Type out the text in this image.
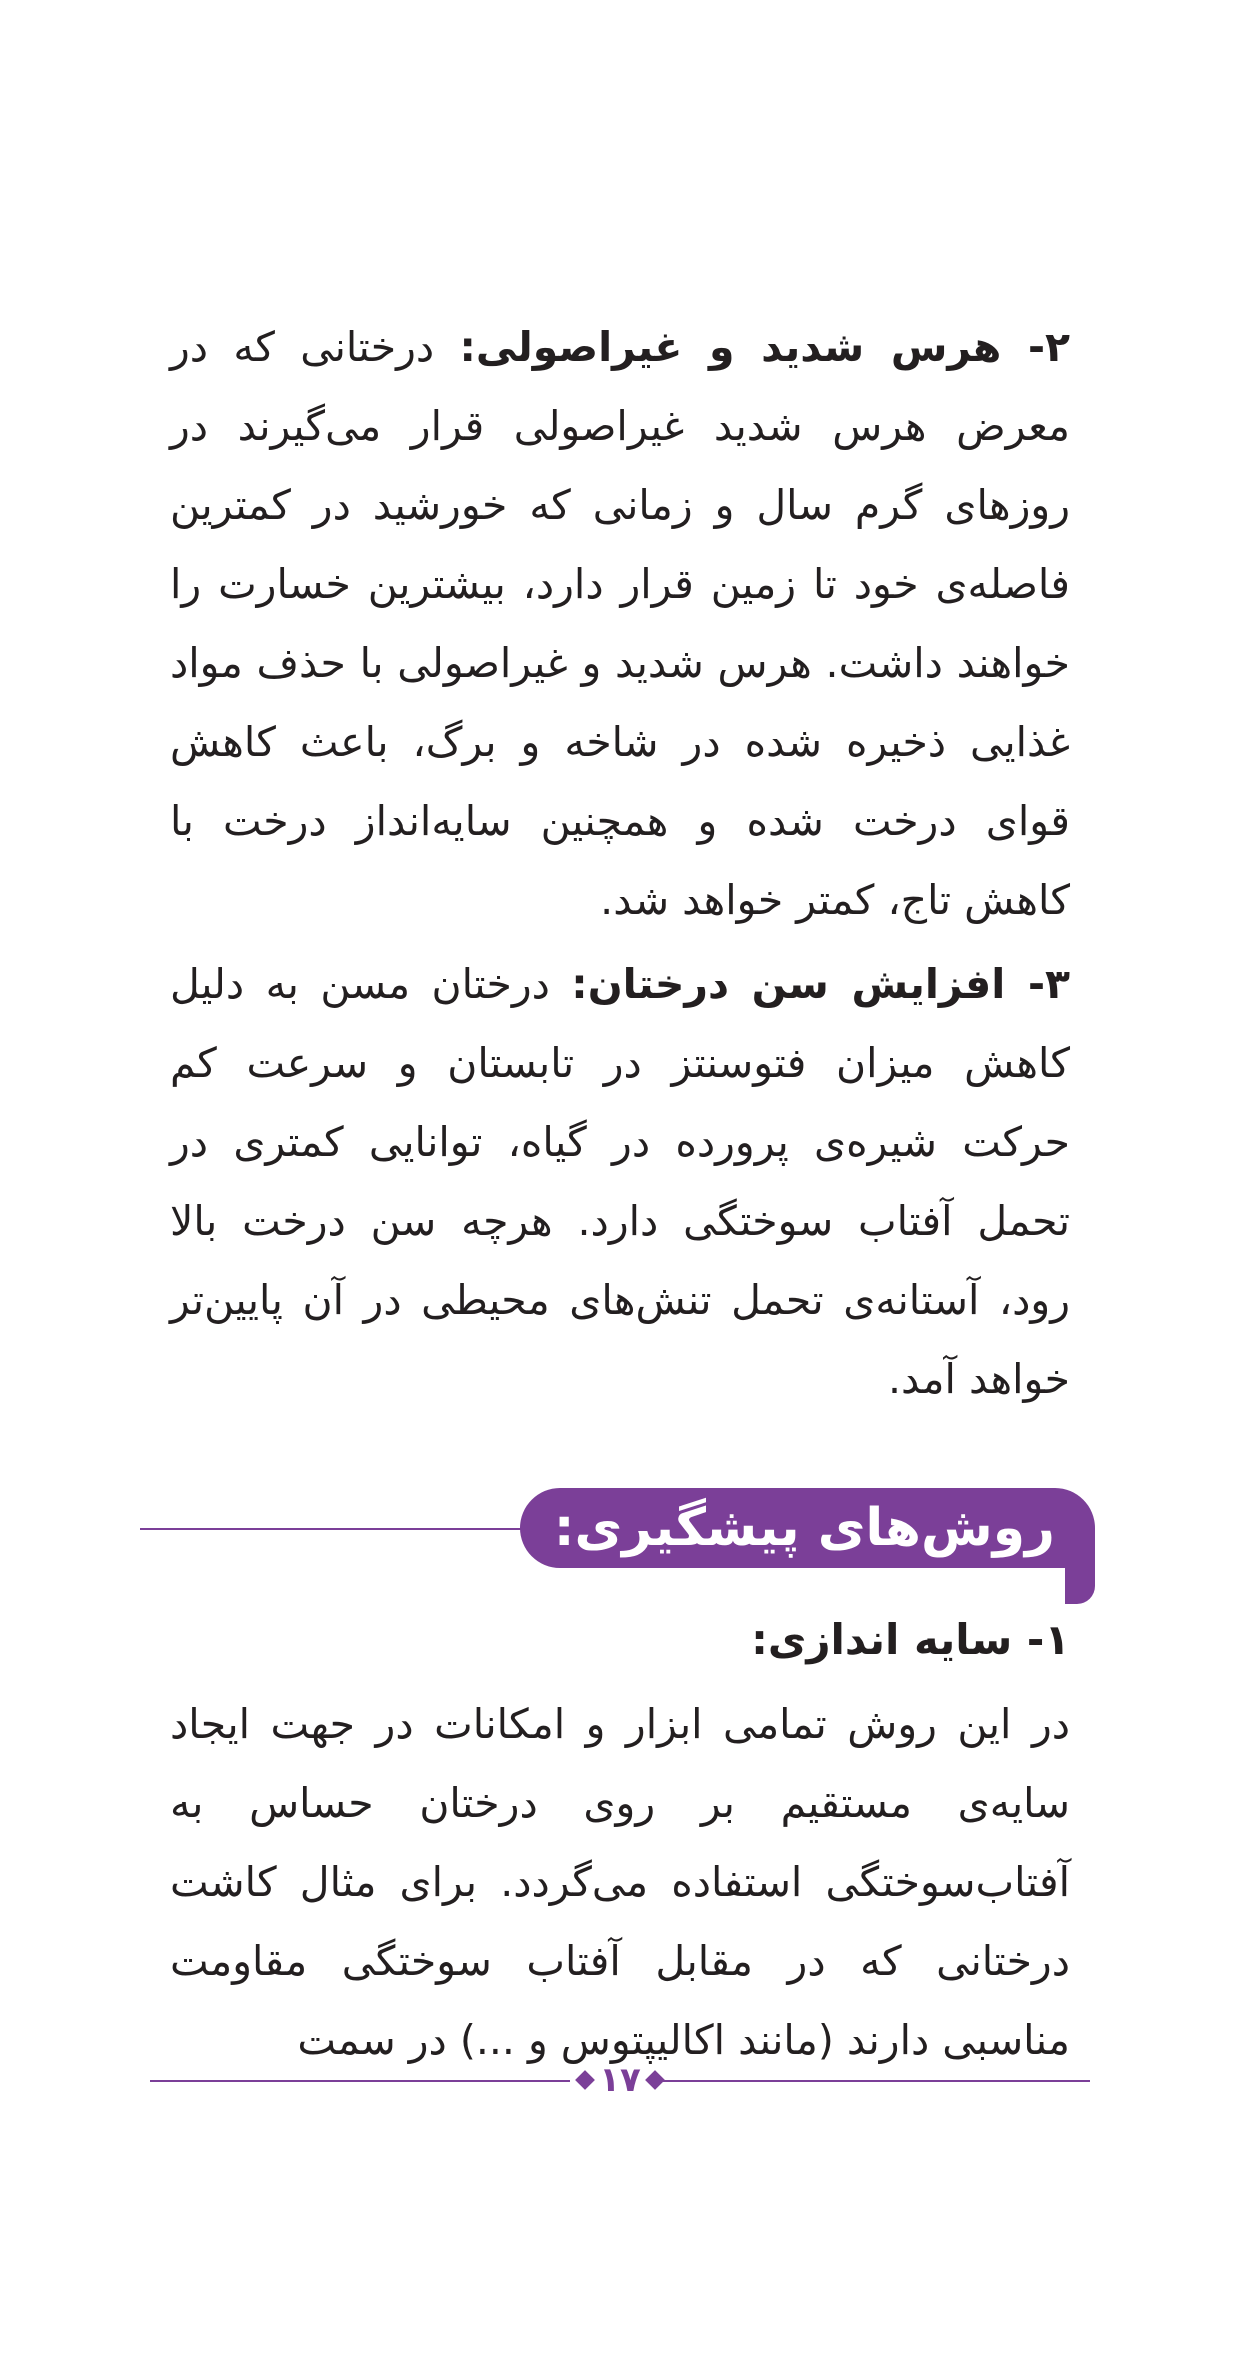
۲- هرس شدید و غیراصولی: درختانی که در معرض هرس شدید غیراصولی قرار می‌گیرند در روزهای گرم سال و زمانی که خورشید در کمترین فاصله‌ی خود تا زمین قرار دارد، بیشترین خسارت را خواهند داشت. هرس شدید و غیراصولی با حذف مواد غذایی ذخیره شده در شاخه و برگ، باعث کاهش قوای درخت شده و همچنین سایه‌انداز درخت با کاهش تاج، کمتر خواهد شد.

۳- افزایش سن درختان: درختان مسن به دلیل کاهش میزان فتوسنتز در تابستان و سرعت کم حرکت شیره‌ی پرورده در گیاه، توانایی کمتری در تحمل آفتاب سوختگی دارد. هرچه سن درخت بالا رود، آستانه‌ی تحمل تنش‌های محیطی در آن پایین‌تر خواهد آمد.

روش‌های پیشگیری:

۱- سایه اندازی:

در این روش تمامی ابزار و امکانات در جهت ایجاد سایه‌ی مستقیم بر روی درختان حساس به آفتاب‌سوختگی استفاده می‌گردد. برای مثال کاشت درختانی که در مقابل آفتاب سوختگی مقاومت مناسبی دارند (مانند اکالیپتوس و ...) در سمت

۱۷
